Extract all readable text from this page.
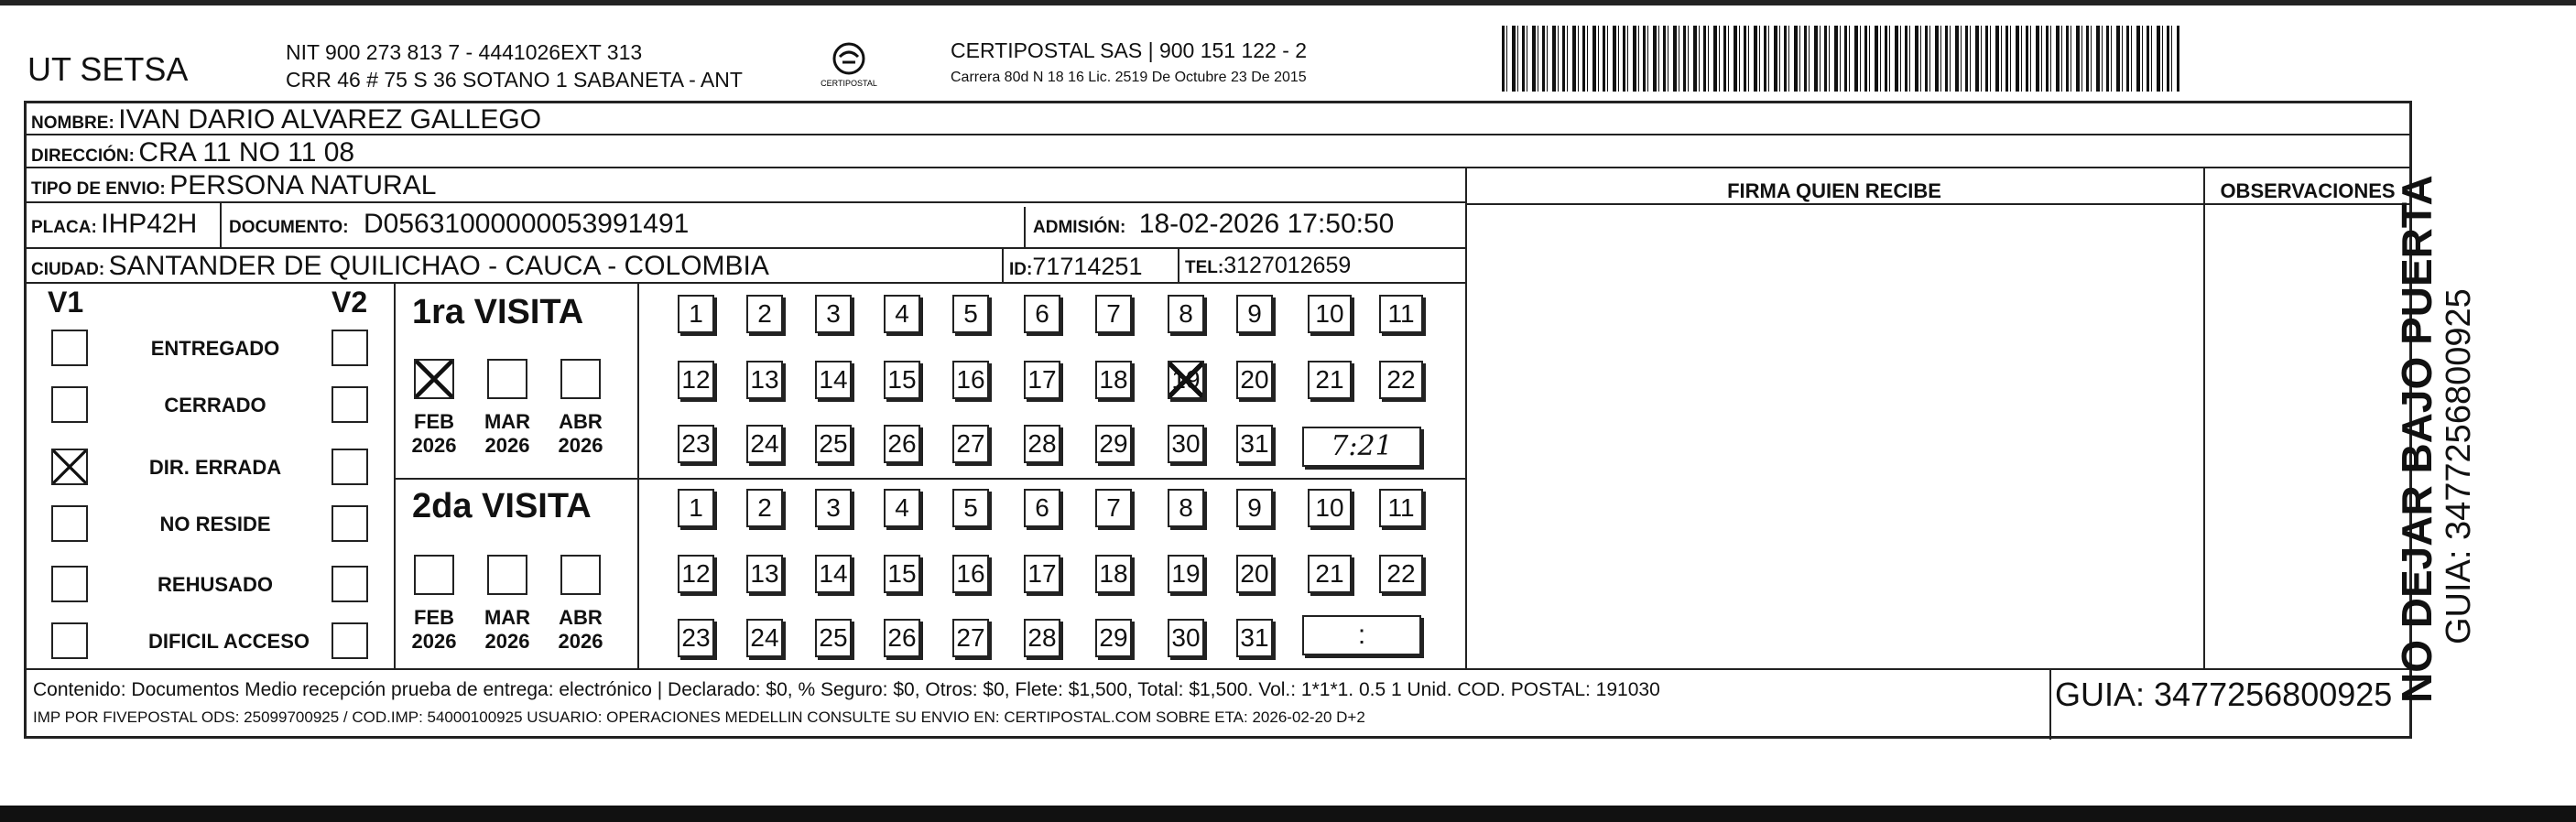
UT SETSA	NIT 900 273 813 7 - 4441026EXT 313
CRR 46 # 75 S 36 SOTANO 1 SABANETA - ANT	CERTIPOSTAL
CERTIPOSTAL SAS | 900 151 122 - 2
Carrera 80d N 18 16 Lic. 2519 De Octubre 23 De 2015
NOMBRE: IVAN DARIO ALVAREZ GALLEGO
DIRECCIÓN: CRA 11 NO 11 08
TIPO DE ENVIO: PERSONA NATURAL	FIRMA QUIEN RECIBE	OBSERVACIONES
PLACA: IHP42H DOCUMENTO: D05631000000053991491	ADMISIÓN: 18-02-2026 17:50:50
CIUDAD: SANTANDER DE QUILICHAO - CAUCA - COLOMBIA	ID:71714251 TEL:3127012659
V1	V2
ENTREGADO
CERRADO
DIR. ERRADA
NO RESIDE
REHUSADO
DIFICIL ACCESO
1ra VISITA
FEB
2026
MAR
2026
ABR
2026
1	2	3	4	5	6	7	8	9	10	11
12 13 14 15 16 17 18 19 20	21	22
23 24 25 26 27 28 29 30 31	7:21
2da VISITA
FEB
2026
MAR
2026
ABR
2026
1	2	3	4	5	6	7	8	9	10	11
12 13 14 15 16 17 18 19 20	21	22
23 24 25 26 27 28 29 30 31	:
Contenido: Documentos Medio recepción prueba de entrega: electrónico | Declarado: $0, % Seguro: $0, Otros: $0, Flete: $1,500, Total: $1,500. Vol.: 1*1*1. 0.5 1 Unid. COD. POSTAL: 191030
IMP POR FIVEPOSTAL ODS: 25099700925 / COD.IMP: 54000100925 USUARIO: OPERACIONES MEDELLIN CONSULTE SU ENVIO EN: CERTIPOSTAL.COM SOBRE ETA: 2026-02-20 D+2
GUIA: 3477256800925 NO DEJAR BAJO PUERTA GUIA: 3477256800925
